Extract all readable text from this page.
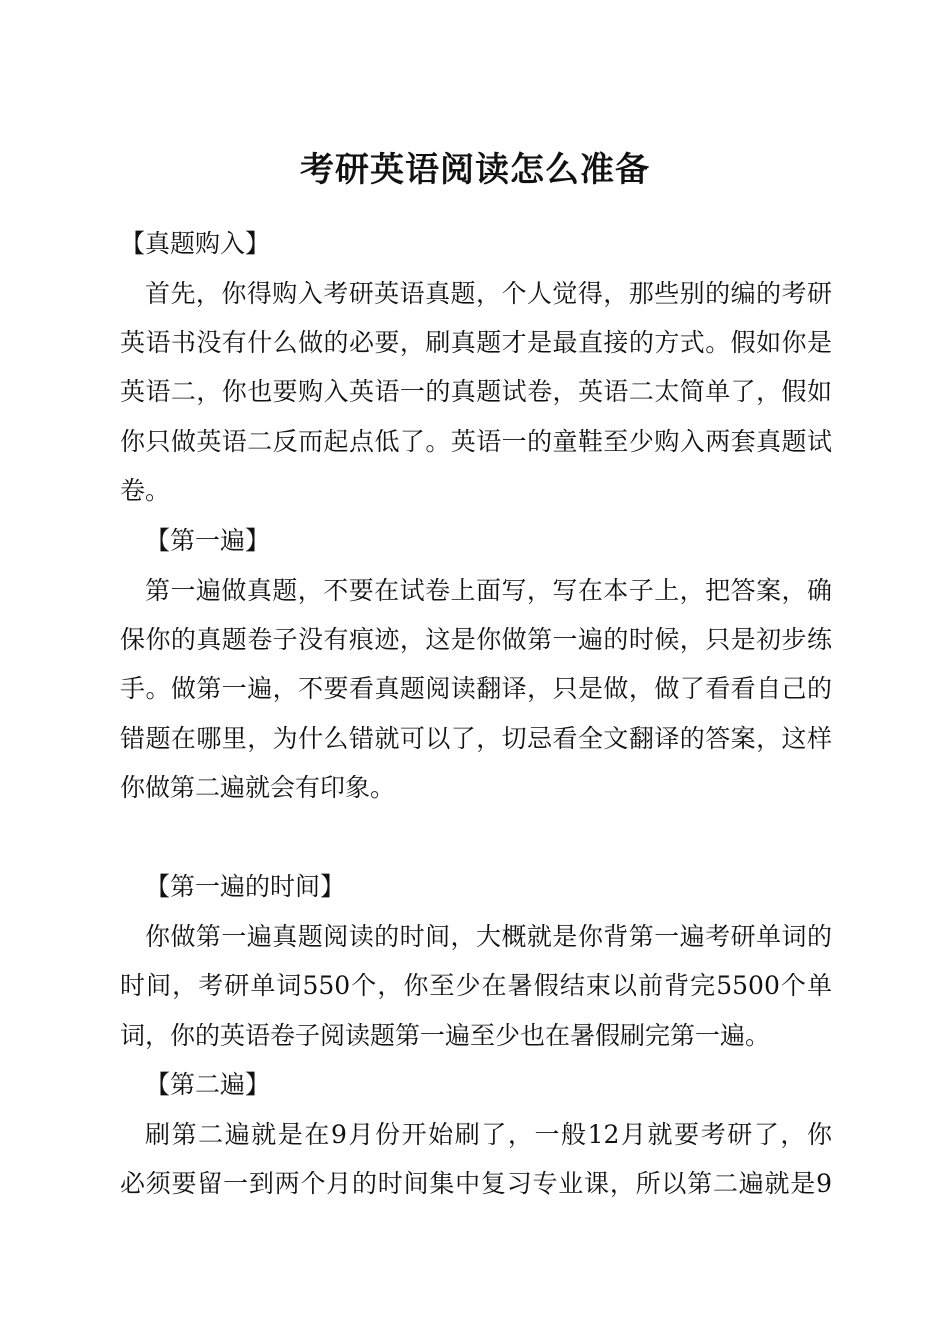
考研英语阅读怎么准备
【真题购入】
首先，你得购入考研英语真题，个人觉得，那些别的编的考研
英语书没有什么做的必要，刷真题才是最直接的方式。假如你是
英语二，你也要购入英语一的真题试卷，英语二太简单了，假如
你只做英语二反而起点低了。英语一的童鞋至少购入两套真题试
卷。
【第一遍】
第一遍做真题，不要在试卷上面写，写在本子上，把答案，确
保你的真题卷子没有痕迹，这是你做第一遍的时候，只是初步练
手。做第一遍，不要看真题阅读翻译，只是做，做了看看自己的
错题在哪里，为什么错就可以了，切忌看全文翻译的答案，这样
你做第二遍就会有印象。
【第一遍的时间】
你做第一遍真题阅读的时间，大概就是你背第一遍考研单词的
时间，考研单词550个，你至少在暑假结束以前背完5500个单
词，你的英语卷子阅读题第一遍至少也在暑假刷完第一遍。
【第二遍】
刷第二遍就是在9月份开始刷了，一般12月就要考研了，你
必须要留一到两个月的时间集中复习专业课，所以第二遍就是9
